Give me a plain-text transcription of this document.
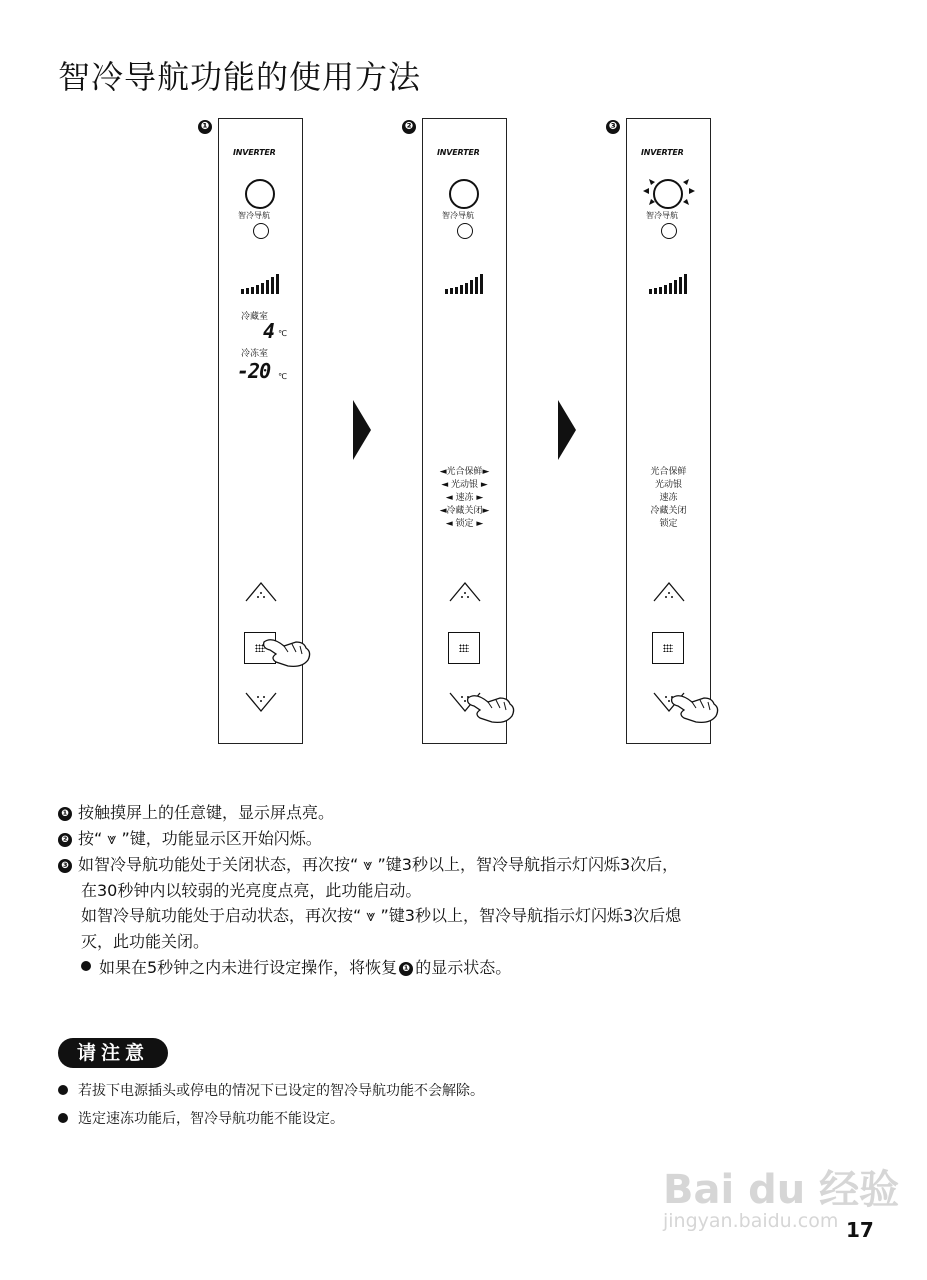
智冷导航功能的使用方法
❶
INVERTER
智冷导航
冷藏室
4 ℃
冷冻室
-20 ℃
❷
INVERTER
智冷导航
◄光合保鲜►
◄ 光动银 ►
◄ 速冻 ►
◄冷藏关闭►
◄ 锁定 ►
❸
INVERTER
智冷导航
光合保鲜
光动银
速冻
冷藏关闭
锁定
❶ 按触摸屏上的任意键，显示屏点亮。
❷ 按“ ⩔ ”键，功能显示区开始闪烁。
❸ 如智冷导航功能处于关闭状态，再次按“ ⩔ ”键3秒以上，智冷导航指示灯闪烁3次后，
在30秒钟内以较弱的光亮度点亮，此功能启动。
如智冷导航功能处于启动状态，再次按“ ⩔ ”键3秒以上，智冷导航指示灯闪烁3次后熄
灭，此功能关闭。
如果在5秒钟之内未进行设定操作，将恢复 ❶ 的显示状态。
请注意
若拔下电源插头或停电的情况下已设定的智冷导航功能不会解除。
选定速冻功能后，智冷导航功能不能设定。
Bai du 经验
jingyan.baidu.com 17
